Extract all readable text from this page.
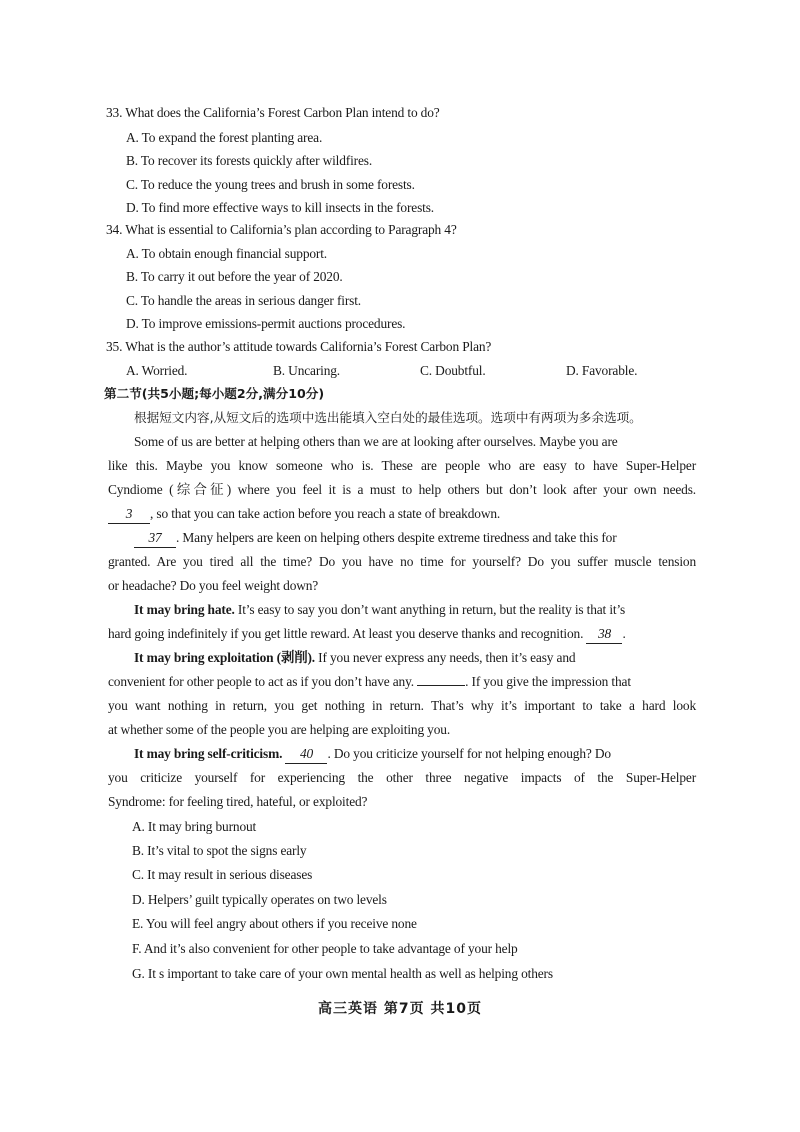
33. What does the California’s Forest Carbon Plan intend to do?
A. To expand the forest planting area.
B. To recover its forests quickly after wildfires.
C. To reduce the young trees and brush in some forests.
D. To find more effective ways to kill insects in the forests.
34. What is essential to California’s plan according to Paragraph 4?
A. To obtain enough financial support.
B. To carry it out before the year of 2020.
C. To handle the areas in serious danger first.
D. To improve emissions-permit auctions procedures.
35. What is the author’s attitude towards California’s Forest Carbon Plan?
A. Worried.	B. Uncaring.	C. Doubtful.	D. Favorable.
第二节(共5小题;每小题2分,满分10分)
根据短文内容,从短文后的选项中选出能填入空白处的最佳选项。选项中有两项为多余选项。
Some of us are better at helping others than we are at looking after ourselves. Maybe you are
like this. Maybe you know someone who is. These are people who are easy to have Super-Helper
Cyndiome (综合征) where you feel it is a must to help others but don’t look after your own needs.
3 , so that you can take action before you reach a state of breakdown.
37 . Many helpers are keen on helping others despite extreme tiredness and take this for
granted. Are you tired all the time? Do you have no time for yourself? Do you suffer muscle tension
or headache? Do you feel weight down?
It may bring hate. It’s easy to say you don’t want anything in return, but the reality is that it’s
hard going indefinitely if you get little reward. At least you deserve thanks and recognition. 38 .
It may bring exploitation (剥削). If you never express any needs, then it’s easy and
convenient for other people to act as if you don’t have any.	. If you give the impression that
you want nothing in return, you get nothing in return. That’s why it’s important to take a hard look
at whether some of the people you are helping are exploiting you.
It may bring self-criticism. 40 . Do you criticize yourself for not helping enough? Do
you criticize yourself for experiencing the other three negative impacts of the Super-Helper
Syndrome: for feeling tired, hateful, or exploited?
A. It may bring burnout
B. It’s vital to spot the signs early
C. It may result in serious diseases
D. Helpers’ guilt typically operates on two levels
E. You will feel angry about others if you receive none
F. And it’s also convenient for other people to take advantage of your help
G. It s important to take care of your own mental health as well as helping others
高三英语 第7页 共10页
